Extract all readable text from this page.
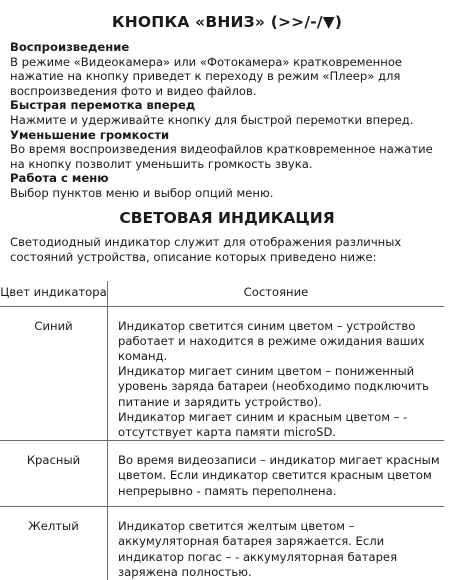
КНОПКА «ВНИЗ» (>>/-/▼)
Воспроизведение
В режиме «Видеокамера» или «Фотокамера» кратковременное нажатие на кнопку приведет к переходу в режим «Плеер» для воспроизведения фото и видео файлов.
Быстрая перемотка вперед
Нажмите и удерживайте кнопку для быстрой перемотки вперед.
Уменьшение громкости
Во время воспроизведения видеофайлов кратковременное нажатие на кнопку позволит уменьшить громкость звука.
Работа с меню
Выбор пунктов меню и выбор опций меню.
СВЕТОВАЯ ИНДИКАЦИЯ
Светодиодный индикатор служит для отображения различных состояний устройства, описание которых приведено ниже:
Цвет индикатора	Состояние
Синий	Индикатор светится синим цветом – устройство работает и находится в режиме ожидания ваших команд.
Индикатор мигает синим цветом – пониженный уровень заряда батареи (необходимо подключить питание и зарядить устройство).
Индикатор мигает синим и красным цветом – - отсутствует карта памяти microSD.

Красный	Во время видеозаписи – индикатор мигает красным цветом. Если индикатор светится красным цветом непрерывно - память переполнена.

Желтый	Индикатор светится желтым цветом – аккумуляторная батарея заряжается. Если индикатор погас – - аккумуляторная батарея заряжена полностью.
